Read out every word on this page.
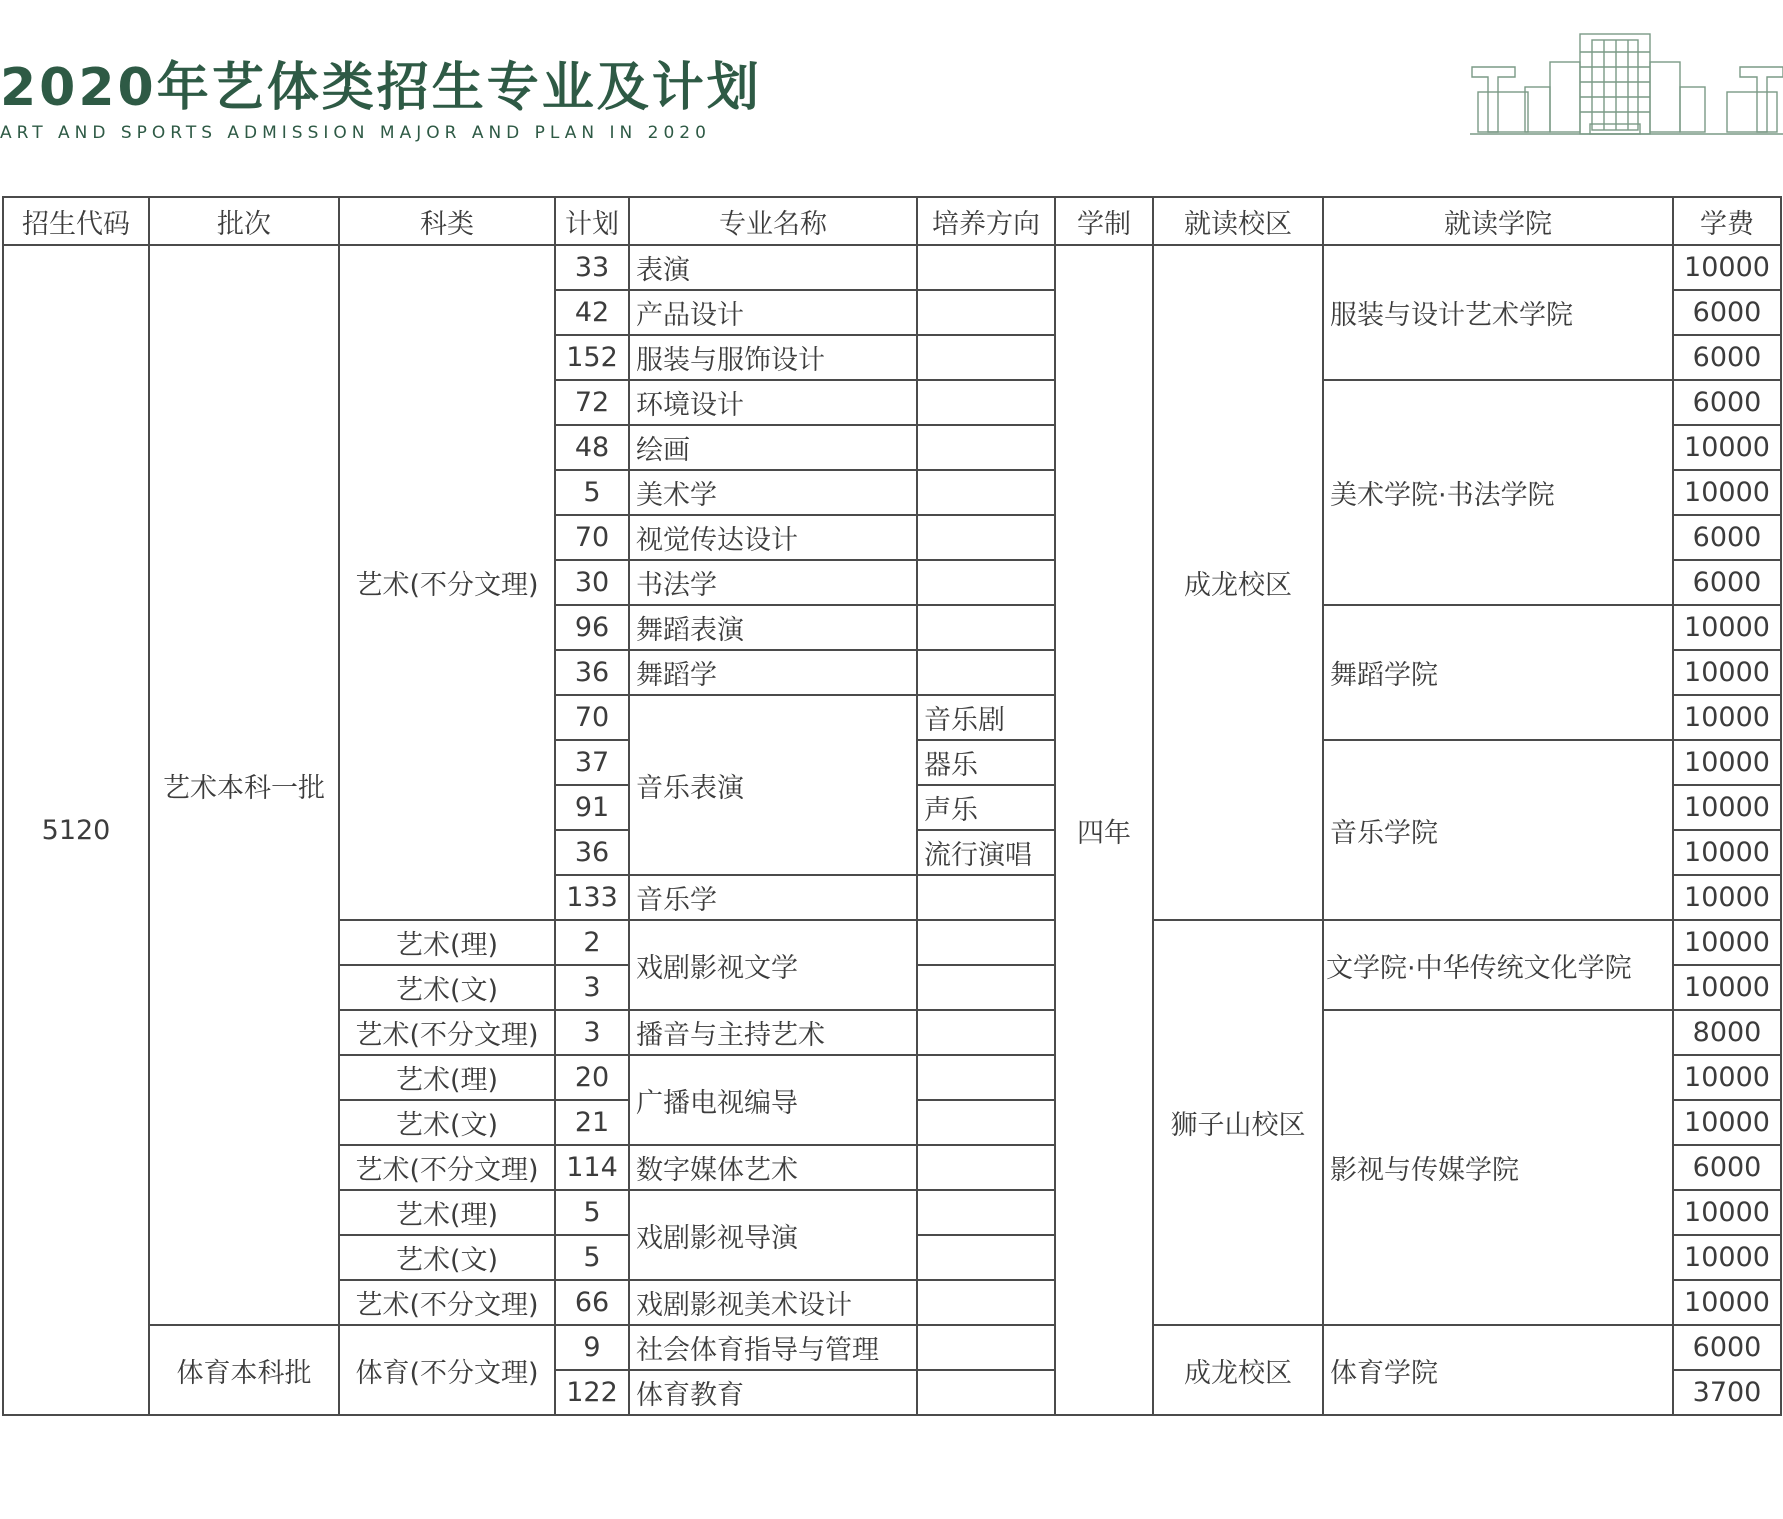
2020年艺体类招生专业及计划
ART AND SPORTS ADMISSION MAJOR AND PLAN IN 2020
招生代码	批次	科类	计划	专业名称	培养方向	学制	就读校区	就读学院	学费
5120	艺术本科一批	艺术(不分文理)	33	表演		四年	成龙校区	服装与设计艺术学院	10000
			42	产品设计					6000
			152	服装与服饰设计					6000
			72	环境设计				美术学院·书法学院	6000
			48	绘画					10000
			5	美术学					10000
			70	视觉传达设计					6000
			30	书法学					6000
			96	舞蹈表演				舞蹈学院	10000
			36	舞蹈学					10000
			70	音乐表演	音乐剧				10000
			37		器乐			音乐学院	10000
			91		声乐				10000
			36		流行演唱				10000
			133	音乐学					10000
		艺术(理)	2	戏剧影视文学			狮子山校区	文学院·中华传统文化学院	10000
		艺术(文)	3						10000
		艺术(不分文理)	3	播音与主持艺术				影视与传媒学院	8000
		艺术(理)	20	广播电视编导					10000
		艺术(文)	21						10000
		艺术(不分文理)	114	数字媒体艺术					6000
		艺术(理)	5	戏剧影视导演					10000
		艺术(文)	5						10000
		艺术(不分文理)	66	戏剧影视美术设计					10000
	体育本科批	体育(不分文理)	9	社会体育指导与管理			成龙校区	体育学院	6000
			122	体育教育					3700
